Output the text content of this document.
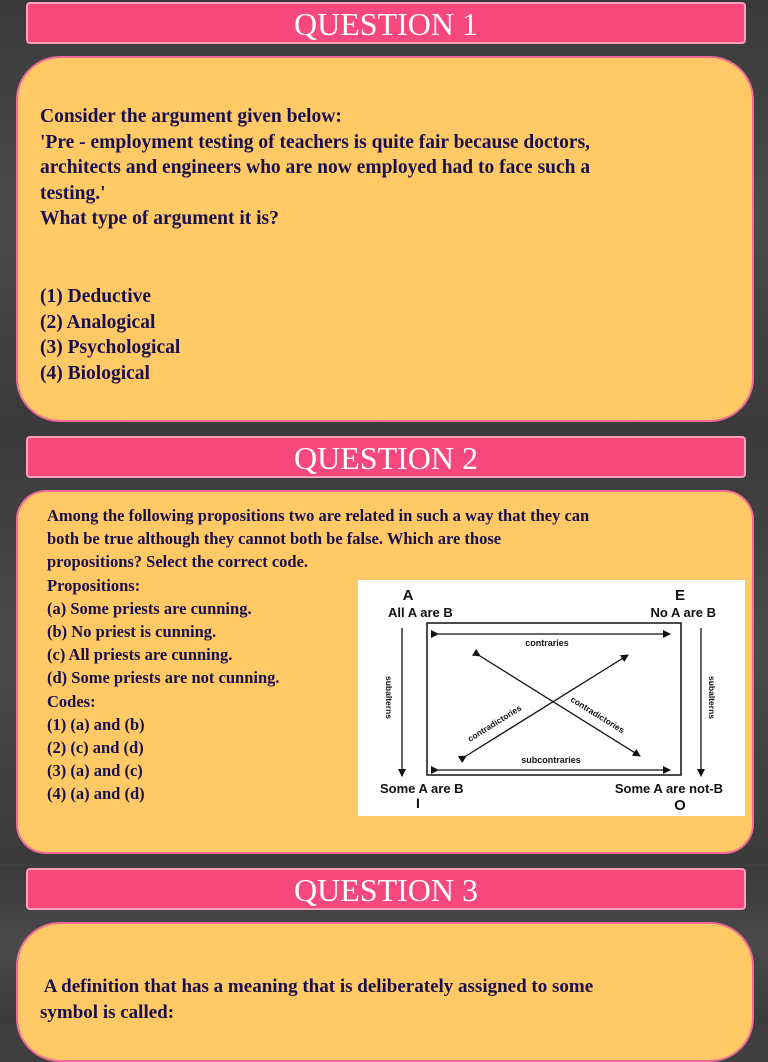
QUESTION 1

Consider the argument given below:

'Pre - employment testing of teachers is quite fair because doctors,

architects and engineers who are now employed had to face such a

testing.'

What type of argument it is?

(1) Deductive
(2) Analogical
(3) Psychological
(4) Biological
QUESTION 2
Among the following propositions two are related in such a way that they can
both be true although they cannot both be false. Which are those
propositions? Select the correct code.
Propositions:
(a) Some priests are cunning.
(b) No priest is cunning.
(c) All priests are cunning.
(d) Some priests are not cunning.
Codes:
(1) (a) and (b)
(2) (c) and (d)
(3) (a) and (c)
(4) (a) and (d)
A	E
I	O
All A are B	No A are B
Some A are B	Some A are not-B
contraries
subcontraries
contradictories	contradictories
subalterns	subalterns
QUESTION 3
A definition that has a meaning that is deliberately assigned to some
symbol is called:
